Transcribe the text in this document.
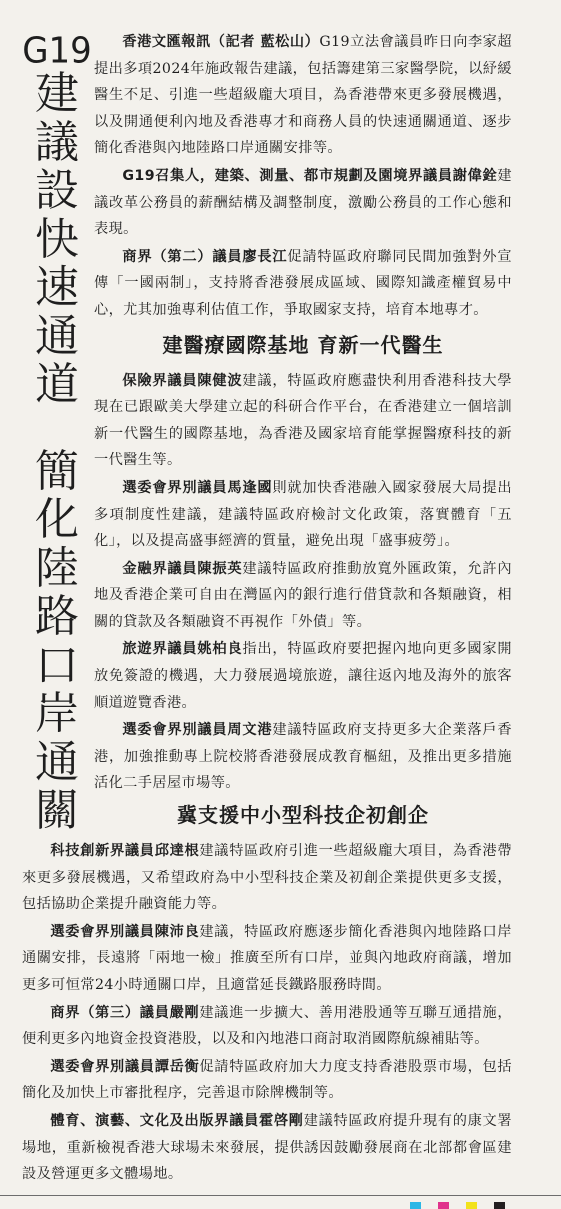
G19
建
議
設
快
速
通
道
簡
化
陸
路
口
岸
通
關

香港文匯報訊（記者 藍松山）G19立法會議員昨日向李家超提出多項2024年施政報告建議，包括籌建第三家醫學院，以紓緩醫生不足、引進一些超級龐大項目，為香港帶來更多發展機遇，以及開通便利內地及香港專才和商務人員的快速通關通道、逐步簡化香港與內地陸路口岸通關安排等。

G19召集人，建築、測量、都市規劃及園境界議員謝偉銓建議改革公務員的薪酬結構及調整制度，激勵公務員的工作心態和表現。

商界（第二）議員廖長江促請特區政府聯同民間加強對外宣傳「一國兩制」，支持將香港發展成區域、國際知識產權貿易中心，尤其加強專利估值工作，爭取國家支持，培育本地專才。

建醫療國際基地 育新一代醫生

保險界議員陳健波建議，特區政府應盡快利用香港科技大學現在已跟歐美大學建立起的科研合作平台，在香港建立一個培訓新一代醫生的國際基地，為香港及國家培育能掌握醫療科技的新一代醫生等。

選委會界別議員馬逢國則就加快香港融入國家發展大局提出多項制度性建議，建議特區政府檢討文化政策，落實體育「五化」，以及提高盛事經濟的質量，避免出現「盛事疲勞」。

金融界議員陳振英建議特區政府推動放寬外匯政策，允許內地及香港企業可自由在灣區內的銀行進行借貸款和各類融資，相關的貸款及各類融資不再視作「外債」等。

旅遊界議員姚柏良指出，特區政府要把握內地向更多國家開放免簽證的機遇，大力發展過境旅遊，讓往返內地及海外的旅客順道遊覽香港。

選委會界別議員周文港建議特區政府支持更多大企業落戶香港，加強推動專上院校將香港發展成教育樞紐，及推出更多措施活化二手居屋市場等。

冀支援中小型科技企初創企

科技創新界議員邱達根建議特區政府引進一些超級龐大項目，為香港帶來更多發展機遇，又希望政府為中小型科技企業及初創企業提供更多支援，包括協助企業提升融資能力等。

選委會界別議員陳沛良建議，特區政府應逐步簡化香港與內地陸路口岸通關安排，長遠將「兩地一檢」推廣至所有口岸，並與內地政府商議，增加更多可恒常24小時通關口岸，且適當延長鐵路服務時間。

商界（第三）議員嚴剛建議進一步擴大、善用港股通等互聯互通措施，便利更多內地資金投資港股，以及和內地港口商討取消國際航線補貼等。

選委會界別議員譚岳衡促請特區政府加大力度支持香港股票市場，包括簡化及加快上市審批程序，完善退市除牌機制等。

體育、演藝、文化及出版界議員霍啓剛建議特區政府提升現有的康文署場地，重新檢視香港大球場未來發展，提供誘因鼓勵發展商在北部都會區建設及營運更多文體場地。
